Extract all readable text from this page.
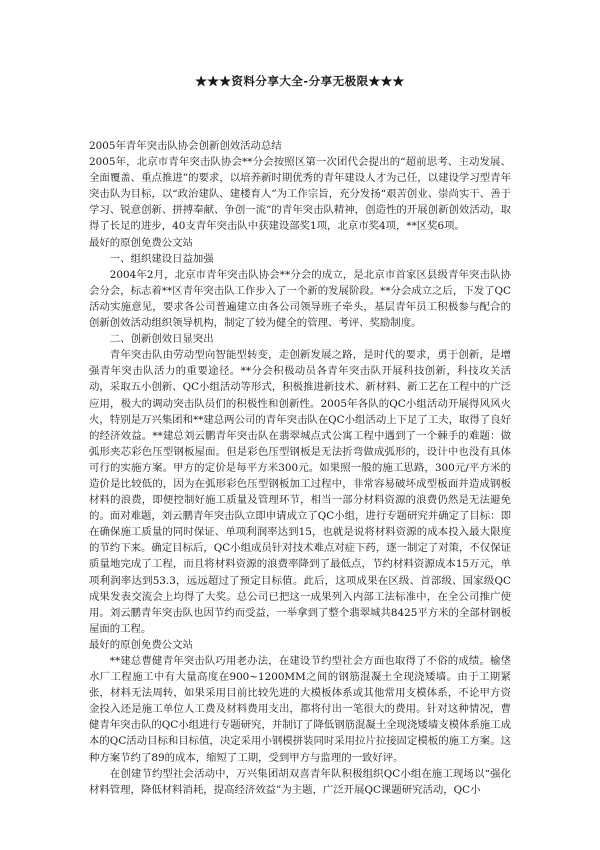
★★★资料分享大全-分享无极限★★★

2005年青年突击队协会创新创效活动总结

2005年，北京市青年突击队协会**分会按照区第一次团代会提出的“超前思考、主动发展、全面覆盖、重点推进”的要求，以培养新时期优秀的青年建设人才为己任，以建设学习型青年突击队为目标，以“政治建队、建楼育人”为工作宗旨，充分发扬“艰苦创业、崇尚实干、善于学习、锐意创新、拼搏奉献、争创一流”的青年突击队精神，创造性的开展创新创效活动，取得了长足的进步，40支青年突击队中获建设部奖1项，北京市奖4项，**区奖6项。

最好的原创免费公文站

一、组织建设日益加强

2004年2月，北京市青年突击队协会**分会的成立，是北京市首家区县级青年突击队协会分会，标志着**区青年突击队工作步入了一个新的发展阶段。**分会成立之后，下发了QC活动实施意见，要求各公司普遍建立由各公司领导班子牵头，基层青年员工积极参与配合的创新创效活动组织领导机构，制定了较为健全的管理、考评、奖励制度。

二、创新创效日显突出

青年突击队由劳动型向智能型转变，走创新发展之路，是时代的要求，勇于创新，是增强青年突击队活力的重要途径。**分会积极动员各青年突击队开展科技创新，科技攻关活动，采取五小创新、QC小组活动等形式，积极推进新技术、新材料、新工艺在工程中的广泛应用，极大的调动突击队员们的积极性和创新性。2005年各队的QC小组活动开展得风风火火，特别是万兴集团和**建总两公司的青年突击队在QC小组活动上下足了工夫，取得了良好的经济效益。**建总刘云鹏青年突击队在翡翠城点式公寓工程中遇到了一个棘手的难题：做弧形夹芯彩色压型钢板屋面。但是彩色压型钢板是无法折弯做成弧形的，设计中也没有具体可行的实施方案。甲方的定价是每平方米300元。如果照一般的施工思路，300元/平方米的造价是比较低的，因为在弧形彩色压型钢板加工过程中，非常容易破坏成型板面并造成钢板材料的浪费，即便控制好施工质量及管理环节，相当一部分材料资源的浪费仍然是无法避免的。面对难题，刘云鹏青年突击队立即申请成立了QC小组，进行专题研究并确定了目标：即在确保施工质量的同时保证、单项利润率达到15，也就是说将材料资源的成本投入最大限度的节约下来。确定目标后，QC小组成员针对技术难点对症下药，逐一制定了对策，不仅保证质量地完成了工程，而且将材料资源的浪费率降到了最低点，节约材料资源成本15万元，单项利润率达到53.3，远远超过了预定目标值。此后，这项成果在区级、首部级、国家级QC成果发表交流会上均得了大奖。总公司已把这一成果列入内部工法标准中，在全公司推广使用。刘云鹏青年突击队也因节约而受益，一举拿到了整个翡翠城共8425平方米的全部材钢板屋面的工程。

最好的原创免费公文站

**建总曹健青年突击队巧用老办法，在建设节约型社会方面也取得了不俗的成绩。榆垡水厂工程施工中有大量高度在900~1200MM之间的钢筋混凝土全现浇矮墙。由于工期紧张，材料无法周转，如果采用目前比较先进的大模板体系或其他常用支模体系，不论甲方资金投入还是施工单位人工费及材料费用支出，都将付出一笔很大的费用。针对这种情况，曹健青年突击队的QC小组进行专题研究，并制订了降低钢筋混凝土全现浇矮墙支模体系施工成本的QC活动目标和目标值，决定采用小钢模拼装同时采用拉片拉接固定模板的施工方案。这种方案节约了89的成本，缩短了工期，受到甲方与监理的一致好评。

在创建节约型社会活动中，万兴集团胡双喜青年队积极组织QC小组在施工现场以“强化材料管理，降低材料消耗，提高经济效益”为主题，广泛开展QC课题研究活动，QC小
